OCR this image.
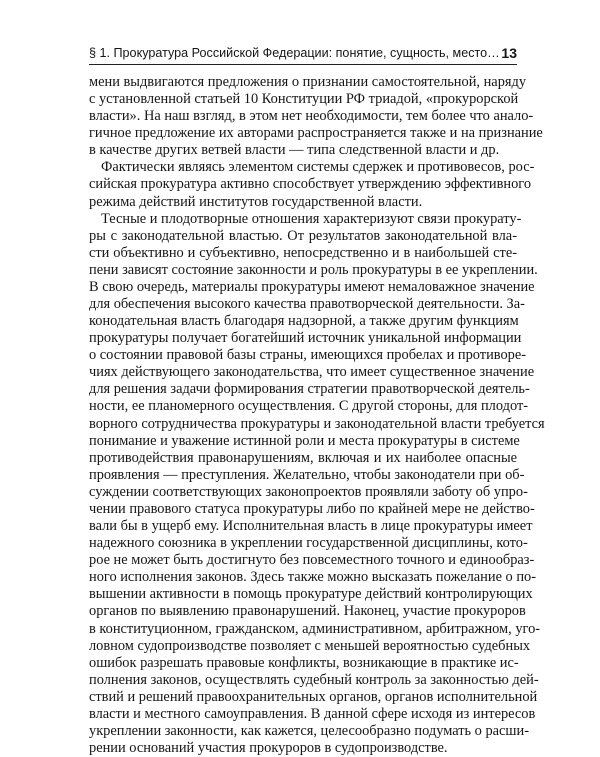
§ 1. Прокуратура Российской Федерации: понятие, сущность, место… 13
мени выдвигаются предложения о признании самостоятельной, наряду
с установленной статьей 10 Конституции РФ триадой, «прокурорской
власти». На наш взгляд, в этом нет необходимости, тем более что анало-
гичное предложение их авторами распространяется также и на признание
в качестве других ветвей власти — типа следственной власти и др.
Фактически являясь элементом системы сдержек и противовесов, рос-
сийская прокуратура активно способствует утверждению эффективного
режима действий институтов государственной власти.
Тесные и плодотворные отношения характеризуют связи прокурату-
ры с законодательной властью. От результатов законодательной вла-
сти объективно и субъективно, непосредственно и в наибольшей сте-
пени зависят состояние законности и роль прокуратуры в ее укреплении.
В свою очередь, материалы прокуратуры имеют немаловажное значение
для обеспечения высокого качества правотворческой деятельности. За-
конодательная власть благодаря надзорной, а также другим функциям
прокуратуры получает богатейший источник уникальной информации
о состоянии правовой базы страны, имеющихся пробелах и противоре-
чиях действующего законодательства, что имеет существенное значение
для решения задачи формирования стратегии правотворческой деятель-
ности, ее планомерного осуществления. С другой стороны, для плодот-
ворного сотрудничества прокуратуры и законодательной власти требуется
понимание и уважение истинной роли и места прокуратуры в системе
противодействия правонарушениям, включая и их наиболее опасные
проявления — преступления. Желательно, чтобы законодатели при об-
суждении соответствующих законопроектов проявляли заботу об упро-
чении правового статуса прокуратуры либо по крайней мере не действо-
вали бы в ущерб ему. Исполнительная власть в лице прокуратуры имеет
надежного союзника в укреплении государственной дисциплины, кото-
рое не может быть достигнуто без повсеместного точного и единообраз-
ного исполнения законов. Здесь также можно высказать пожелание о по-
вышении активности в помощь прокуратуре действий контролирующих
органов по выявлению правонарушений. Наконец, участие прокуроров
в конституционном, гражданском, административном, арбитражном, уго-
ловном судопроизводстве позволяет с меньшей вероятностью судебных
ошибок разрешать правовые конфликты, возникающие в практике ис-
полнения законов, осуществлять судебный контроль за законностью дей-
ствий и решений правоохранительных органов, органов исполнительной
власти и местного самоуправления. В данной сфере исходя из интересов
укреплении законности, как кажется, целесообразно подумать о расши-
рении оснований участия прокуроров в судопроизводстве.
